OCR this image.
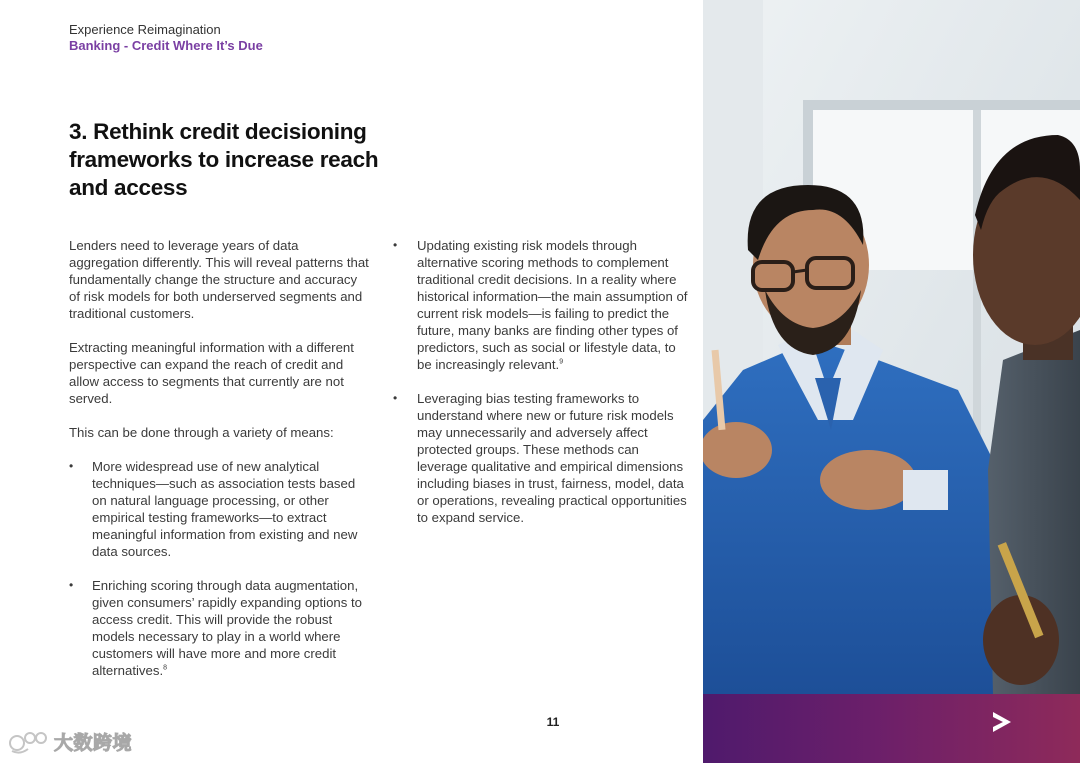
Experience Reimagination
Banking - Credit Where It’s Due
3. Rethink credit decisioning frameworks to increase reach and access

Lenders need to leverage years of data aggregation differently. This will reveal patterns that fundamentally change the structure and accuracy of risk models for both underserved segments and traditional customers.

Extracting meaningful information with a different perspective can expand the reach of credit and allow access to segments that currently are not served.

This can be done through a variety of means:

• More widespread use of new analytical techniques—such as association tests based on natural language processing, or other empirical testing frameworks—to extract meaningful information from existing and new data sources.
• Enriching scoring through data augmentation, given consumers’ rapidly expanding options to access credit. This will provide the robust models necessary to play in a world where customers will have more and more credit alternatives.$^8$
• Updating existing risk models through alternative scoring methods to complement traditional credit decisions. In a reality where historical information—the main assumption of current risk models—is failing to predict the future, many banks are finding other types of predictors, such as social or lifestyle data, to be increasingly relevant.$^9$
• Leveraging bias testing frameworks to understand where new or future risk models may unnecessarily and adversely affect protected groups. These methods can leverage qualitative and empirical dimensions including biases in trust, fairness, model, data or operations, revealing practical opportunities to expand service.
11
大数跨境
